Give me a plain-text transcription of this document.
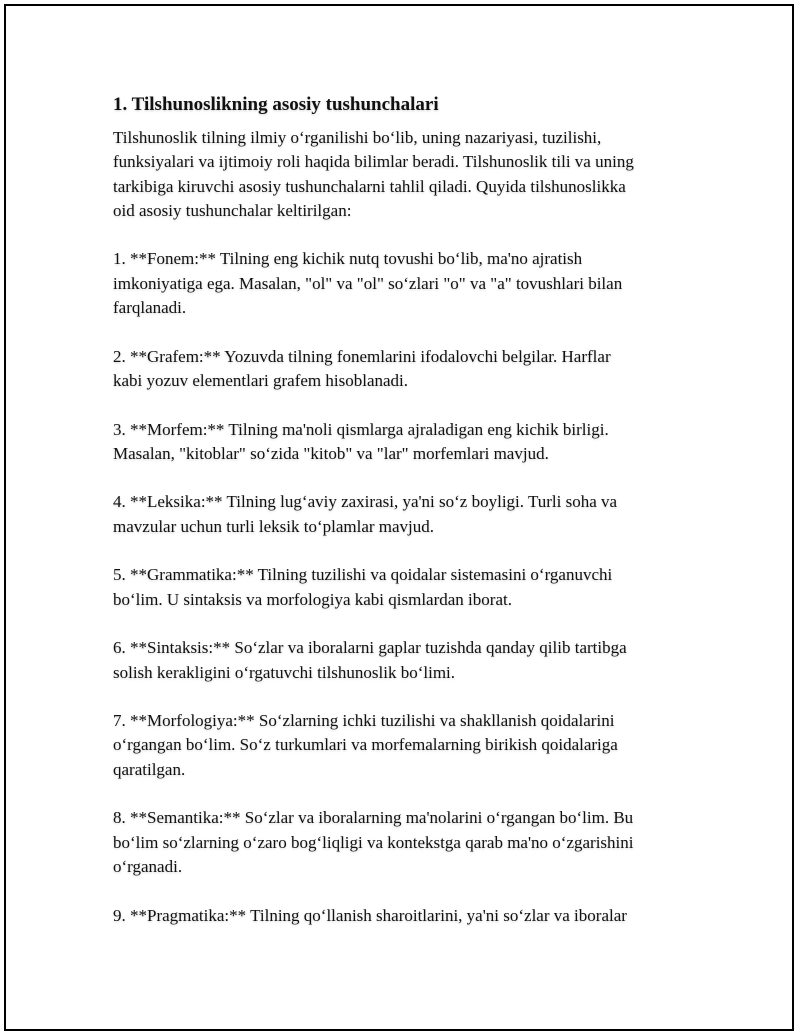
1. Tilshunoslikning asosiy tushunchalari
Tilshunoslik tilning ilmiy o‘rganilishi bo‘lib, uning nazariyasi, tuzilishi,
funksiyalari va ijtimoiy roli haqida bilimlar beradi. Tilshunoslik tili va uning
tarkibiga kiruvchi asosiy tushunchalarni tahlil qiladi. Quyida tilshunoslikka
oid asosiy tushunchalar keltirilgan:
1. **Fonem:** Tilning eng kichik nutq tovushi bo‘lib, ma'no ajratish
imkoniyatiga ega. Masalan, "ol" va "ol" so‘zlari "o" va "a" tovushlari bilan
farqlanadi.
2. **Grafem:** Yozuvda tilning fonemlarini ifodalovchi belgilar. Harflar
kabi yozuv elementlari grafem hisoblanadi.
3. **Morfem:** Tilning ma'noli qismlarga ajraladigan eng kichik birligi.
Masalan, "kitoblar" so‘zida "kitob" va "lar" morfemlari mavjud.
4. **Leksika:** Tilning lug‘aviy zaxirasi, ya'ni so‘z boyligi. Turli soha va
mavzular uchun turli leksik to‘plamlar mavjud.
5. **Grammatika:** Tilning tuzilishi va qoidalar sistemasini o‘rganuvchi
bo‘lim. U sintaksis va morfologiya kabi qismlardan iborat.
6. **Sintaksis:** So‘zlar va iboralarni gaplar tuzishda qanday qilib tartibga
solish kerakligini o‘rgatuvchi tilshunoslik bo‘limi.
7. **Morfologiya:** So‘zlarning ichki tuzilishi va shakllanish qoidalarini
o‘rgangan bo‘lim. So‘z turkumlari va morfemalarning birikish qoidalariga
qaratilgan.
8. **Semantika:** So‘zlar va iboralarning ma'nolarini o‘rgangan bo‘lim. Bu
bo‘lim so‘zlarning o‘zaro bog‘liqligi va kontekstga qarab ma'no o‘zgarishini
o‘rganadi.
9. **Pragmatika:** Tilning qo‘llanish sharoitlarini, ya'ni so‘zlar va iboralar
